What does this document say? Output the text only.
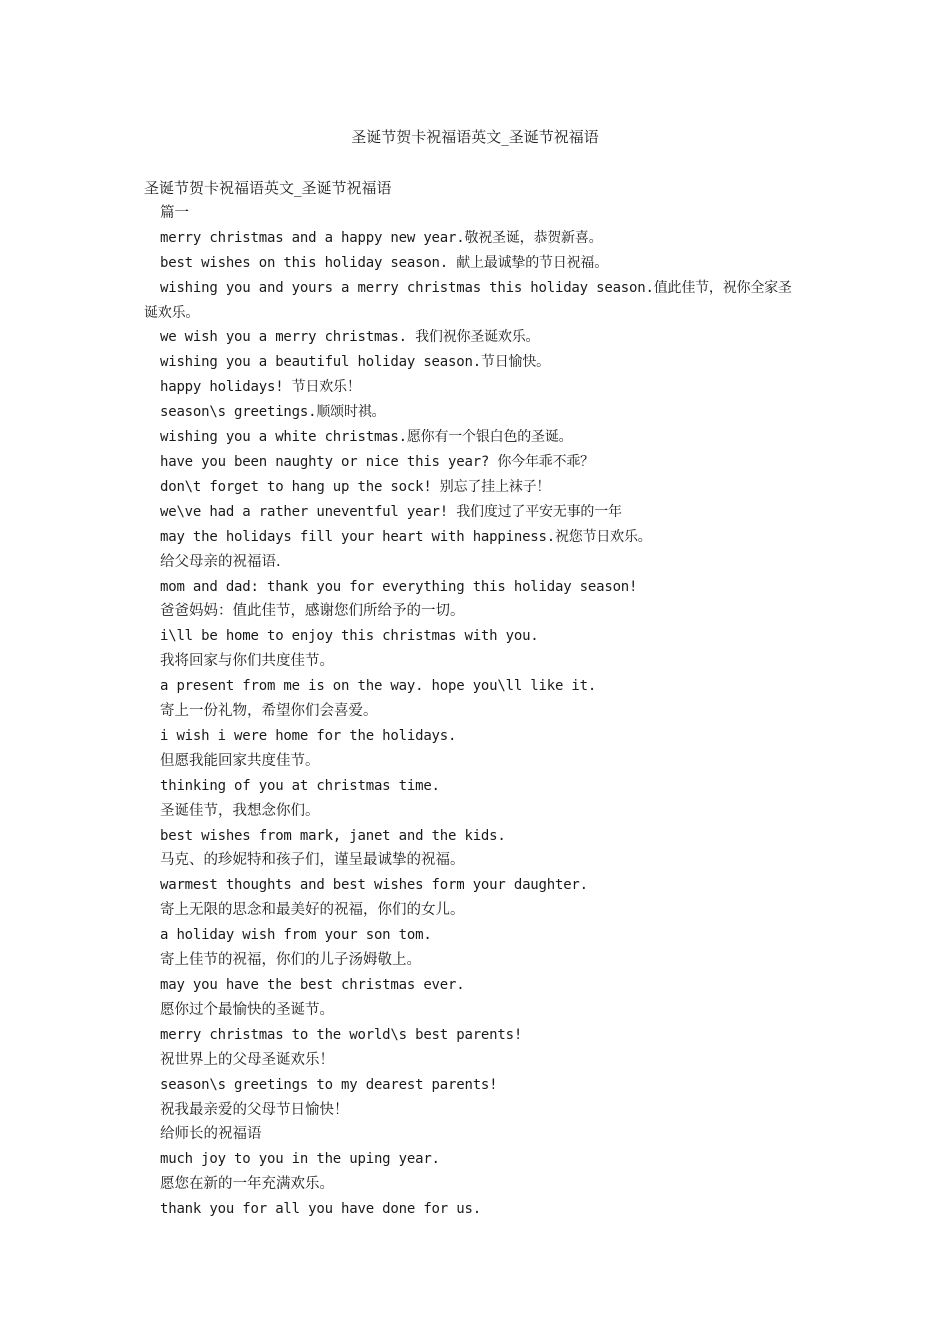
圣诞节贺卡祝福语英文_圣诞节祝福语
圣诞节贺卡祝福语英文_圣诞节祝福语
篇一
merry christmas and a happy new year.敬祝圣诞，恭贺新喜。
best wishes on this holiday season. 献上最诚挚的节日祝福。
wishing you and yours a merry christmas this holiday season.值此佳节，祝你全家圣诞欢乐。
we wish you a merry christmas. 我们祝你圣诞欢乐。
wishing you a beautiful holiday season.节日愉快。
happy holidays! 节日欢乐！
season\s greetings.顺颂时祺。
wishing you a white christmas.愿你有一个银白色的圣诞。
have you been naughty or nice this year? 你今年乖不乖？
don\t forget to hang up the sock! 别忘了挂上袜子！
we\ve had a rather uneventful year! 我们度过了平安无事的一年
may the holidays fill your heart with happiness.祝您节日欢乐。
给父母亲的祝福语.
mom and dad: thank you for everything this holiday season!
爸爸妈妈：值此佳节，感谢您们所给予的一切。
i\ll be home to enjoy this christmas with you.
我将回家与你们共度佳节。
a present from me is on the way. hope you\ll like it.
寄上一份礼物，希望你们会喜爱。
i wish i were home for the holidays.
但愿我能回家共度佳节。
thinking of you at christmas time.
圣诞佳节，我想念你们。
best wishes from mark, janet and the kids.
马克、的珍妮特和孩子们，谨呈最诚挚的祝福。
warmest thoughts and best wishes form your daughter.
寄上无限的思念和最美好的祝福，你们的女儿。
a holiday wish from your son tom.
寄上佳节的祝福，你们的儿子汤姆敬上。
may you have the best christmas ever.
愿你过个最愉快的圣诞节。
merry christmas to the world\s best parents!
祝世界上的父母圣诞欢乐！
season\s greetings to my dearest parents!
祝我最亲爱的父母节日愉快！
给师长的祝福语
much joy to you in the uping year.
愿您在新的一年充满欢乐。
thank you for all you have done for us.
